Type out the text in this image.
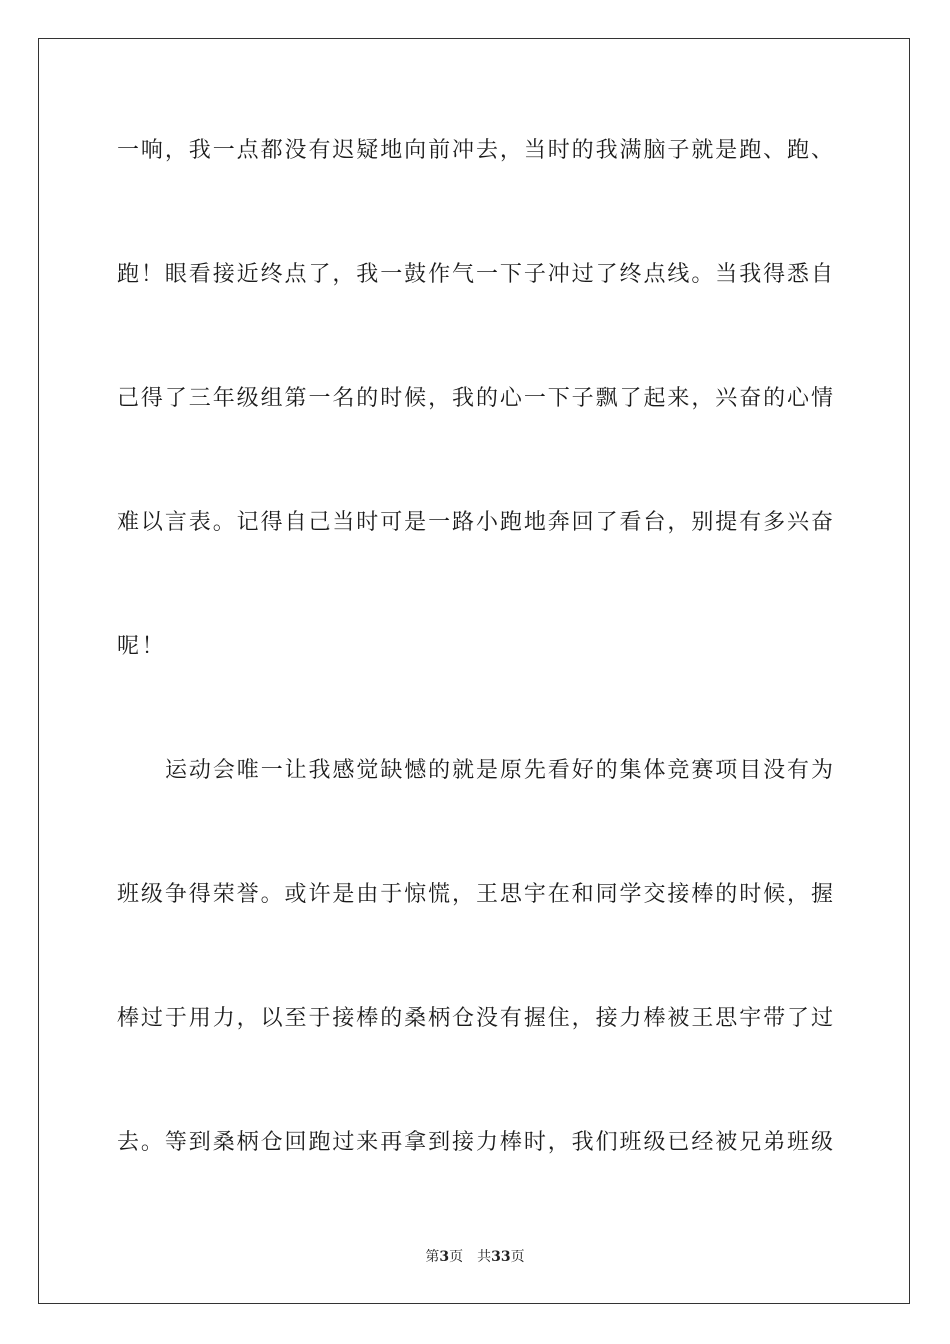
一响，我一点都没有迟疑地向前冲去，当时的我满脑子就是跑、跑、
跑！眼看接近终点了，我一鼓作气一下子冲过了终点线。当我得悉自
己得了三年级组第一名的时候，我的心一下子飘了起来，兴奋的心情
难以言表。记得自己当时可是一路小跑地奔回了看台，别提有多兴奋
呢！
运动会唯一让我感觉缺憾的就是原先看好的集体竞赛项目没有为
班级争得荣誉。或许是由于惊慌，王思宇在和同学交接棒的时候，握
棒过于用力，以至于接棒的桑柄仓没有握住，接力棒被王思宇带了过
去。等到桑柄仓回跑过来再拿到接力棒时，我们班级已经被兄弟班级
第3页 共33页
